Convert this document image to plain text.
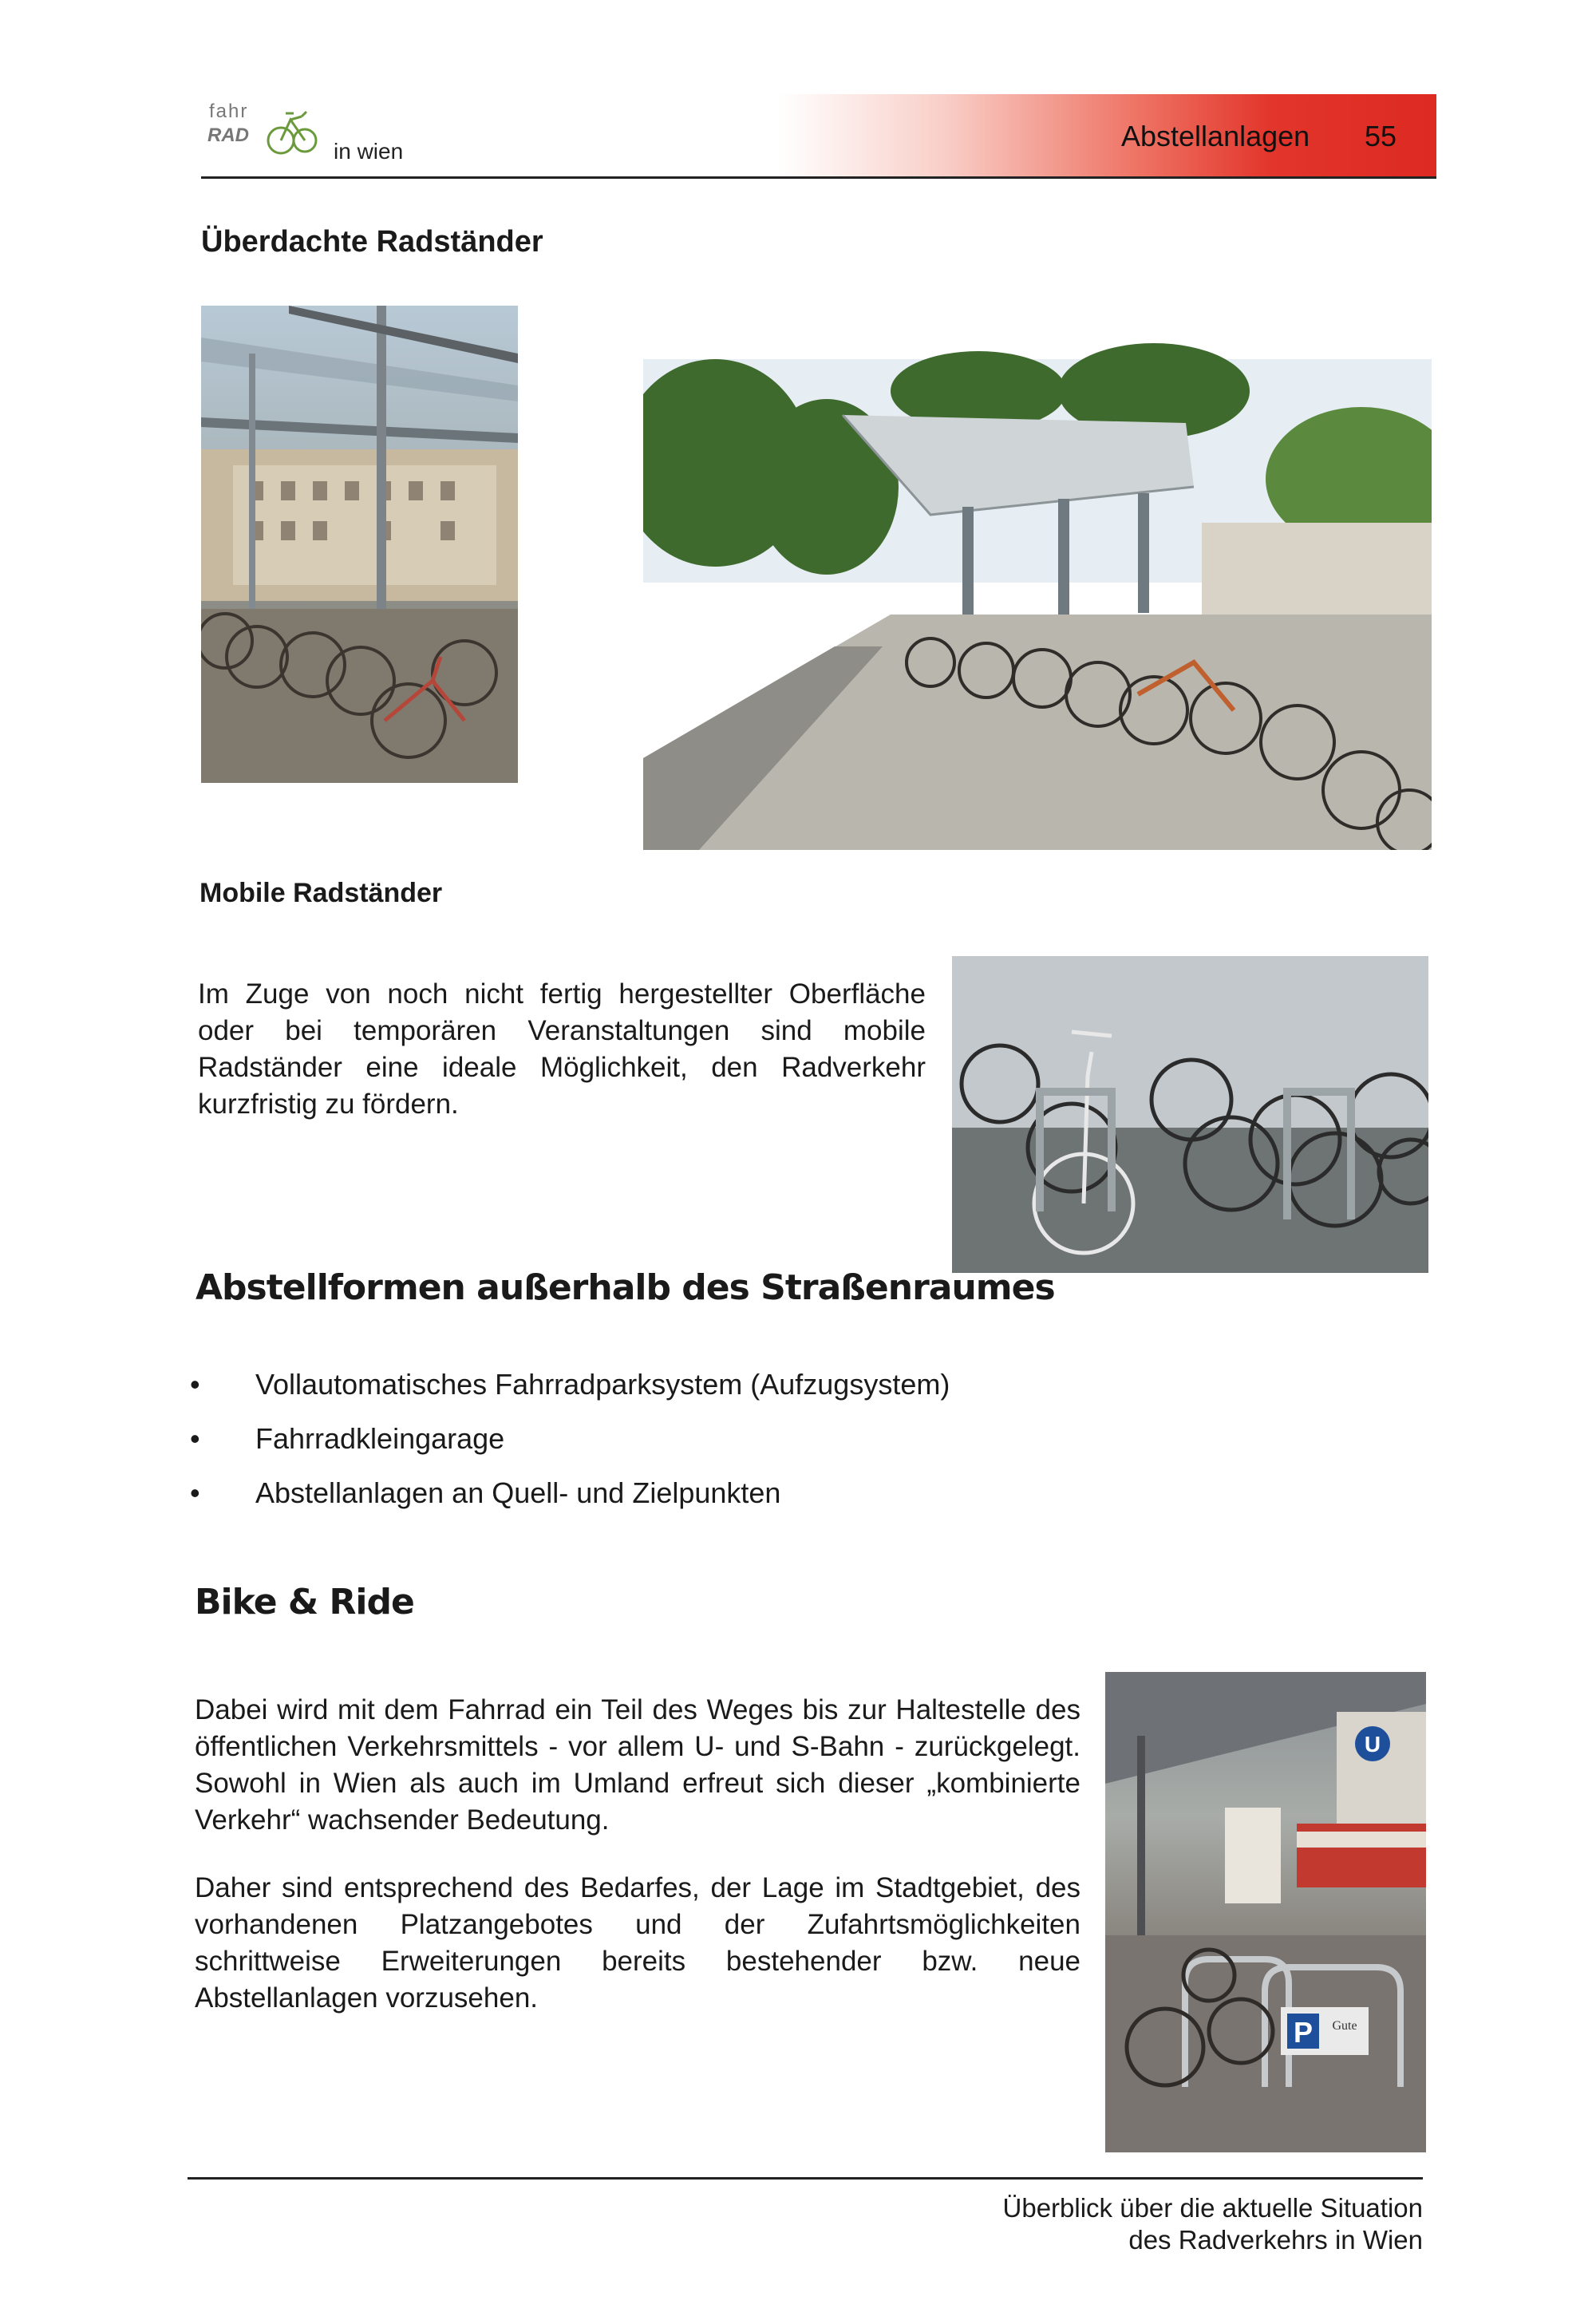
fahr
RAD
in wien	Abstellanlagen 55
Überdachte Radständer
Mobile Radständer

Im Zuge von noch nicht fertig hergestellter Oberfläche oder bei temporären Veranstaltungen sind mobile Radständer eine ideale Möglichkeit, den Radverkehr kurzfristig zu fördern.

Abstellformen außerhalb des Straßenraumes
• Vollautomatisches Fahrradparksystem (Aufzugsystem)
• Fahrradkleingarage
• Abstellanlagen an Quell- und Zielpunkten
Bike & Ride

Dabei wird mit dem Fahrrad ein Teil des Weges bis zur Haltestelle des öffentlichen Verkehrsmittels - vor allem U- und S-Bahn - zurückgelegt. Sowohl in Wien als auch im Umland erfreut sich dieser „kombinierte Verkehr“ wachsender Bedeutung.

Daher sind entsprechend des Bedarfes, der Lage im Stadtgebiet, des vorhandenen Platzangebotes und der Zufahrtsmöglichkeiten schrittweise Erweiterungen bereits bestehender bzw. neue Abstellanlagen vorzusehen.

U
P Gute
Überblick über die aktuelle Situation
des Radverkehrs in Wien
